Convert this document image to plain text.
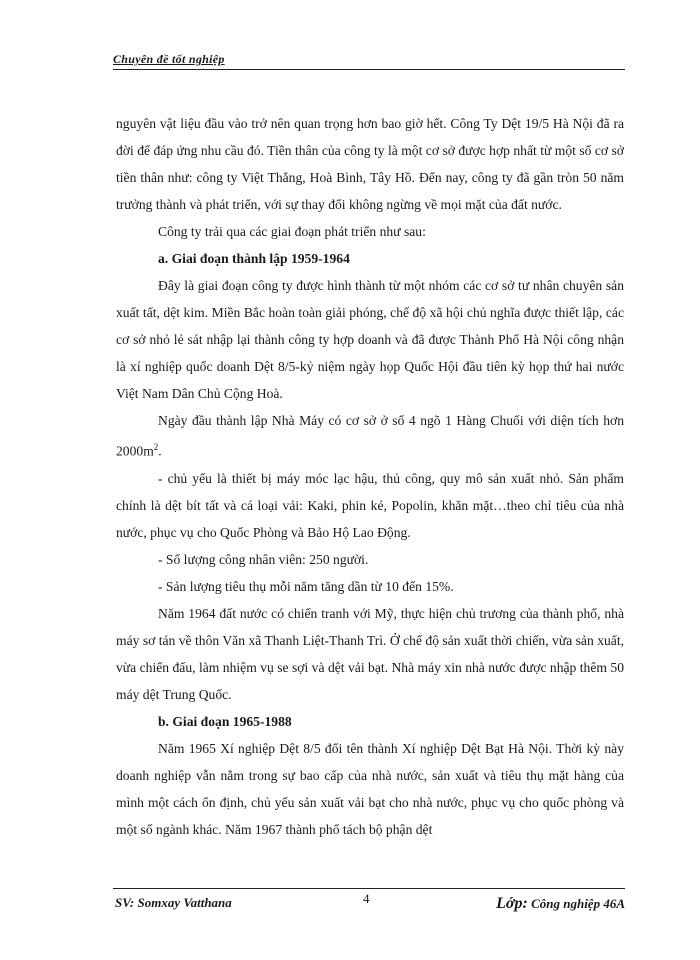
Chuyên đề tốt nghiệp

nguyên vật liệu đầu vào trở nên quan trọng hơn bao giờ hết. Công Ty Dệt 19/5 Hà Nội đã ra đời để đáp ứng nhu cầu đó. Tiền thân của công ty là một cơ sở được hợp nhất từ một số cơ sở tiền thân như: công ty Việt Thắng, Hoà Bình, Tây Hồ. Đến nay, công ty đã gần tròn 50 năm trưởng thành và phát triển, với sự thay đổi không ngừng về mọi mặt của đất nước.

Công ty trải qua các giai đoạn phát triển như sau:

a. Giai đoạn thành lập 1959-1964

Đây là giai đoạn công ty được hình thành từ một nhóm các cơ sở tư nhân chuyên sản xuất tất, dệt kim. Miền Bắc hoàn toàn giải phóng, chế độ xã hội chủ nghĩa được thiết lập, các cơ sở nhỏ lẻ sát nhập lại thành công ty hợp doanh và đã được Thành Phố Hà Nội công nhận là xí nghiệp quốc doanh Dệt 8/5-kỷ niệm ngày họp Quốc Hội đầu tiên kỳ họp thứ hai nước Việt Nam Dân Chủ Cộng Hoà.

Ngày đầu thành lập Nhà Máy có cơ sở ở số 4 ngõ 1 Hàng Chuối với diện tích hơn $2000m^2$.

- chủ yếu là thiết bị máy móc lạc hậu, thủ công, quy mô sản xuất nhỏ. Sản phẩm chính là dệt bít tất và cá loại vải: Kaki, phin kẻ, Popolin, khăn mặt…theo chỉ tiêu của nhà nước, phục vụ cho Quốc Phòng và Bảo Hộ Lao Động.

- Số lượng công nhân viên: 250 người.

- Sản lượng tiêu thụ mỗi năm tăng dần từ 10 đến 15%.

Năm 1964 đất nước có chiến tranh với Mỹ, thực hiện chủ trương của thành phố, nhà máy sơ tán về thôn Văn xã Thanh Liệt-Thanh Trì. Ở chế độ sản xuất thời chiến, vừa sản xuất, vừa chiến đấu, làm nhiệm vụ se sợi và dệt vải bạt. Nhà máy xin nhà nước được nhập thêm 50 máy dệt Trung Quốc.

b. Giai đoạn 1965-1988

Năm 1965 Xí nghiệp Dệt 8/5 đổi tên thành Xí nghiệp Dệt Bạt Hà Nội. Thời kỳ này doanh nghiệp vẫn nằm trong sự bao cấp của nhà nước, sản xuất và tiêu thụ mặt hàng của mình một cách ổn định, chủ yếu sản xuất vải bạt cho nhà nước, phục vụ cho quốc phòng và một số ngành khác. Năm 1967 thành phố tách bộ phận dệt

SV: Somxay Vatthana	4	Lớp: Công nghiệp 46A
